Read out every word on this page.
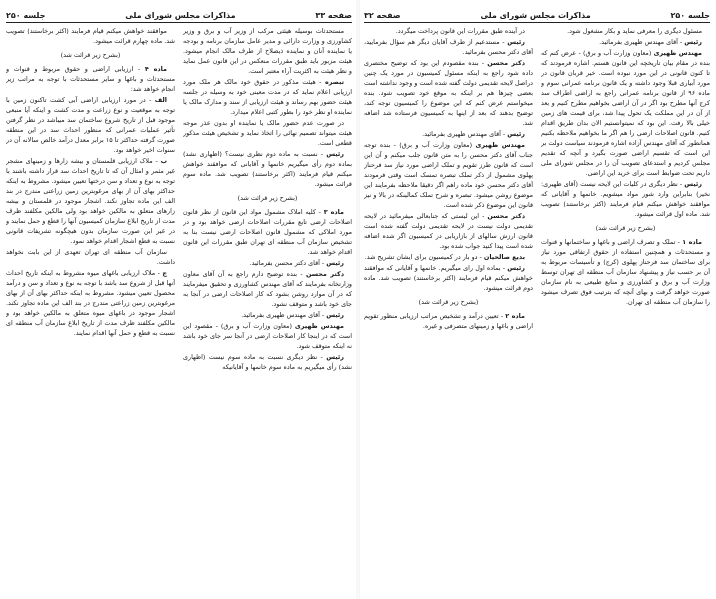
صفحه ۳۳
مذاکرات مجلس شورای ملی
جلسه ۲۵۰

مستحدثات بوسیله هیئتی مرکب از وزیر آب و برق و وزیر کشاورزی و وزارت دارائی و مدیر عامل سازمان برنامه و بودجه یا نماینده آنان و نماینده ذیصلاح از طرف مالک انجام میشود. هیئت مزبور باید طبق مقررات منعکس در این قانون عمل نماید و نظر هیئت به اکثریت آراء معتبر است.

تبصره - هیئت مذکور در حقوق خود مالک هر ملک مورد ارزیابی اعلام نماید که در مدت معینی خود به وسیله در جلسه هیئت حضور بهم رساند و هیئت ارزیابی از سند و مدارک مالک یا نماینده او نظر خود را بطور کتبی اعلام میدارد.

در صورت عدم حضور مالک یا نماینده او بدون عذر موجه هیئت میتواند تصمیم نهائی را اتخاذ نماید و تشخیص هیئت مذکور قطعی است.

رئیس - نسبت به ماده دوم نظری نیست؟ (اظهاری نشد) بماده دوم رأی میگیریم خانمها و آقایانی که موافقند خواهش میکنم قیام فرمایند (اکثر برخاستند) تصویب شد. ماده سوم قرائت میشود.

(بشرح زیر قرائت شد)

ماده ۳ - کلیه املاک مشمول مواد این قانون از نظر قانون اصلاحات ارضی تابع مقررات اصلاحات ارضی خواهد بود و در مورد املاکی که مشمول قانون اصلاحات ارضی نیست بنا به تشخیص سازمان آب منطقه ای تهران طبق مقررات این قانون اقدام خواهد شد.

رئیس - آقای دکتر محسن بفرمائید.

دکتر محسن - بنده توضیح دارم راجع به آن آقای معاون وزارتخانه بفرمایند که آقای مهندس کشاورزی و تحقیق میفرمایند که در آن موارد روشن بشود که کار اصلاحات ارضی در آنجا به جای خود باشد و متوقف نشود.

رئیس - آقای مهندس ظهیری بفرمائید.

مهندس ظهیری (معاون وزارت آب و برق) - مقصود این است که در اینجا کار اصلاحات ارضی در آنجا سر جای خود باشد نه اینکه متوقف شود.

رئیس - نظر دیگری نسبت به ماده سوم نیست (اظهاری نشد) رأی میگیریم به ماده سوم خانمها و آقایانیکه

موافقند خواهش میکنم قیام فرمایند (اکثر برخاستند) تصویب شد. ماده چهارم قرائت میشود.

(بشرح زیر قرائت شد)

ماده ۴ - ارزیابی اراضی و حقوق مربوط و قنوات و مستحدثات و باغها و سایر مستحدثات با توجه به مراتب زیر انجام خواهد شد:

الف - در مورد ارزیابی اراضی آبی کشت تاکنون زمین با توجه به موقعیت و نوع زراعت و مدت کشت و اینکه آیا منبعی موجود قبل از تاریخ شروع ساختمان سد میباشد در نظر گرفتن تأثیر عملیات عمرانی که منظور احداث سد در این منطقه صورت گرفته حداکثر تا ۱۵ برابر معدل درآمد خالص سالانه آن در سنوات اخیر خواهد بود.

ب - ملاک ارزیابی قلمستان و بیشه زارها و زمینهای مشجر غیر مثمر و امثال آن که تا تاریخ احداث سد قرار داشته باشند با توجه به نوع و تعداد و سن درختها تعیین میشود. مشروط به اینکه حداکثر بهای آن از بهای مرغوبترین زمین زراعتی مندرج در بند الف این ماده تجاوز نکند. اشجار موجود در قلمستان و بیشه زارهای متعلق به مالکین خواهد بود ولی مالکین مکلفند ظرف مدت از تاریخ ابلاغ سازمان کمیسیون آنها را قطع و حمل نمایند و در غیر این صورت سازمان بدون هیچگونه تشریفات قانونی نسبت به قطع اشجار اقدام خواهد نمود.

سازمان آب منطقه ای تهران تعهدی از این بابت نخواهد داشت.

ج - ملاک ارزیابی باغهای میوه مشروط به اینکه تاریخ احداث آنها قبل از شروع سد باشد با توجه به نوع و تعداد و سن و درآمد محصول تعیین میشود. مشروط به اینکه حداکثر بهای آن از بهای مرغوبترین زمین زراعتی مندرج در بند الف این ماده تجاوز نکند. اشجار موجود در باغهای میوه متعلق به مالکین خواهد بود و مالکین مکلفند ظرف مدت از تاریخ ابلاغ سازمان آب منطقه ای نسبت به قطع و حمل آنها اقدام نمایند.

جلسه ۲۵۰
مذاکرات مجلس شورای ملی
صفحه ۳۲

مسئول دیگری را معرفی نماید و بکار مشغول شود.

رئیس - آقای مهندس ظهیری بفرمائید.

مهندس ظهیری (معاون وزارت آب و برق) - عرض کنم که بنده در مقام بیان تاریخچه این قانون هستم. اشاره فرمودند که تا کنون قانونی در این مورد نبوده است. خیر قربان قانون در مورد آبیاری قبلا وجود داشته و یک قانون برنامه عمرانی سوم و ماده ۹۶ از قانون برنامه عمرانی راجع به اراضی اطراف سد کرج آنها مطرح بود اگر در آن اراضی بخواهیم مطرح کنیم و بعد از آن در این مملکت یک تحول پیدا شد، برای قیمت های زمین خیلی بالا رفت. این بود که نمیتوانستیم الان بدان طریق اقدام کنیم. قانون اصلاحات ارضی را هم اگر ما بخواهیم ملاحظه بکنیم همانطور که آقای مهندس آزاده اشاره فرمودند سیاست دولت بر این است که تقسیم اراضی صورت بگیرد و آنچه که تقدیم مجلس کردیم و استدعای تصویب آن را در مجلس شورای ملی داریم تحت ضوابط است برای خرید این اراضی.

رئیس - نظر دیگری در کلیات این لایحه نیست (آقای ظهیری: نخیر) بنابراین وارد شور مواد میشویم. خانمها و آقایانی که موافقند خواهش میکنم قیام فرمایند (اکثر برخاستند) تصویب شد. ماده اول قرائت میشود.

(بشرح زیر قرائت شد)

ماده ۱ - تملک و تصرف اراضی و باغها و ساختمانها و قنوات و مستحدثات و همچنین استفاده از حقوق ارتفاقی مورد نیاز برای ساختمان سد فرحناز پهلوی (کرج) و تأسیسات مربوط به آن بر حسب نیاز و پیشنهاد سازمان آب منطقه ای تهران توسط وزارت آب و برق و کشاورزی و منابع طبیعی به نام سازمان صورت خواهد گرفت و بهای آنچه که بترتیب فوق تصرف میشود را سازمان آب منطقه ای تهران.

در آینده طبق مقررات این قانون پرداخت میگردد.

رئیس - مستدعیم از طرف آقایان دیگر هم سؤال بفرمایید، آقای دکتر محسن بفرمائید.

دکتر محسن - بنده مقصودم این بود که توضیح مختصری داده شود راجع به اینکه مسئول کمیسیون در مورد یک چنین دراصل لایحه تقدیمی دولت گفته شده است و وجود نداشته است بعضی چیزها هم بر اینکه به موقع خود تصویب شود. بنده میخواستم عرض کنم که این موضوع را کمیسیون توجه کند، توضیح بدهند که بعد از اینها به کمیسیون فرستاده شد اضافه شد.

رئیس - آقای مهندس ظهیری بفرمائید.

مهندس ظهیری (معاون وزارت آب و برق) - بنده توجه جناب آقای دکتر محسن را به متن قانون جلب میکنم و آن این است که قانون طرز تقویم و تملک اراضی مورد نیاز سد فرحناز پهلوی مشمول از ذکر تملک تبصره تمسک است وقتی فرمودند آقای دکتر محسن خود ماده راهم اگر دقیقا ملاحظه بفرمایند این موضوع روشن میشود. تبصره و شرح تملک کمالینکه در بالا و نیز قانون این موضوع ذکر شده است.

دکتر محسن - این لیستی که جنابعالی میفرمائید در لایحه تقدیمی دولت نیست در لایحه تقدیمی دولت گفته شده است قانون ارزش سالهای از بازاریابی در کمیسیون اگر شده اضافه شده است پیدا کنید جواب شده بود.

بدیع صالحیان - دو بار در کمیسیون برای ایشان تشریح شد.

رئیس - بماده اول رای میگیریم. خانمها و آقایانی که موافقند خواهش میکنم قیام فرمایند (اکثر برخاستند) تصویب شد. ماده دوم قرائت میشود.

(بشرح زیر قرائت شد)

ماده ۲ - تعیین درآمد و تشخیص مراتب ارزیابی منظور تقویم اراضی و باغها و زمینهای متصرفی و غیره.
